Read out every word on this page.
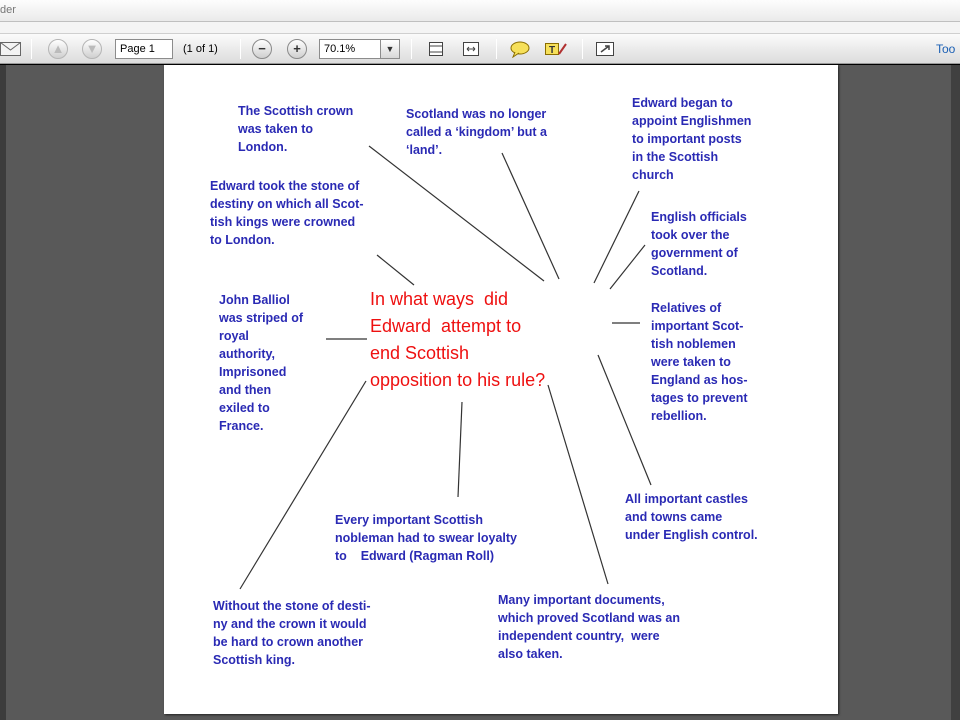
der
▲ ▼	Page 1	(1 of 1)	−	+	70.1%	▼	T	Too
The Scottish crown
was taken to
London.
Scotland was no longer
called a ‘kingdom’ but a
‘land’.
Edward began to
appoint Englishmen
to important posts
in the Scottish
church
Edward took the stone of
destiny on which all Scot-
tish kings were crowned
to London.
English officials
took over the
government of
Scotland.
John Balliol
was striped of
royal
authority,
Imprisoned
and then
exiled to
France.
Relatives of
important Scot-
tish noblemen
were taken to
England as hos-
tages to prevent
rebellion.
All important castles
and towns came
under English control.
Every important Scottish
nobleman had to swear loyalty
to    Edward (Ragman Roll)
Without the stone of desti-
ny and the crown it would
be hard to crown another
Scottish king.
Many important documents,
which proved Scotland was an
independent country,  were
also taken.
In what ways  did
Edward  attempt to
end Scottish
opposition to his rule?
